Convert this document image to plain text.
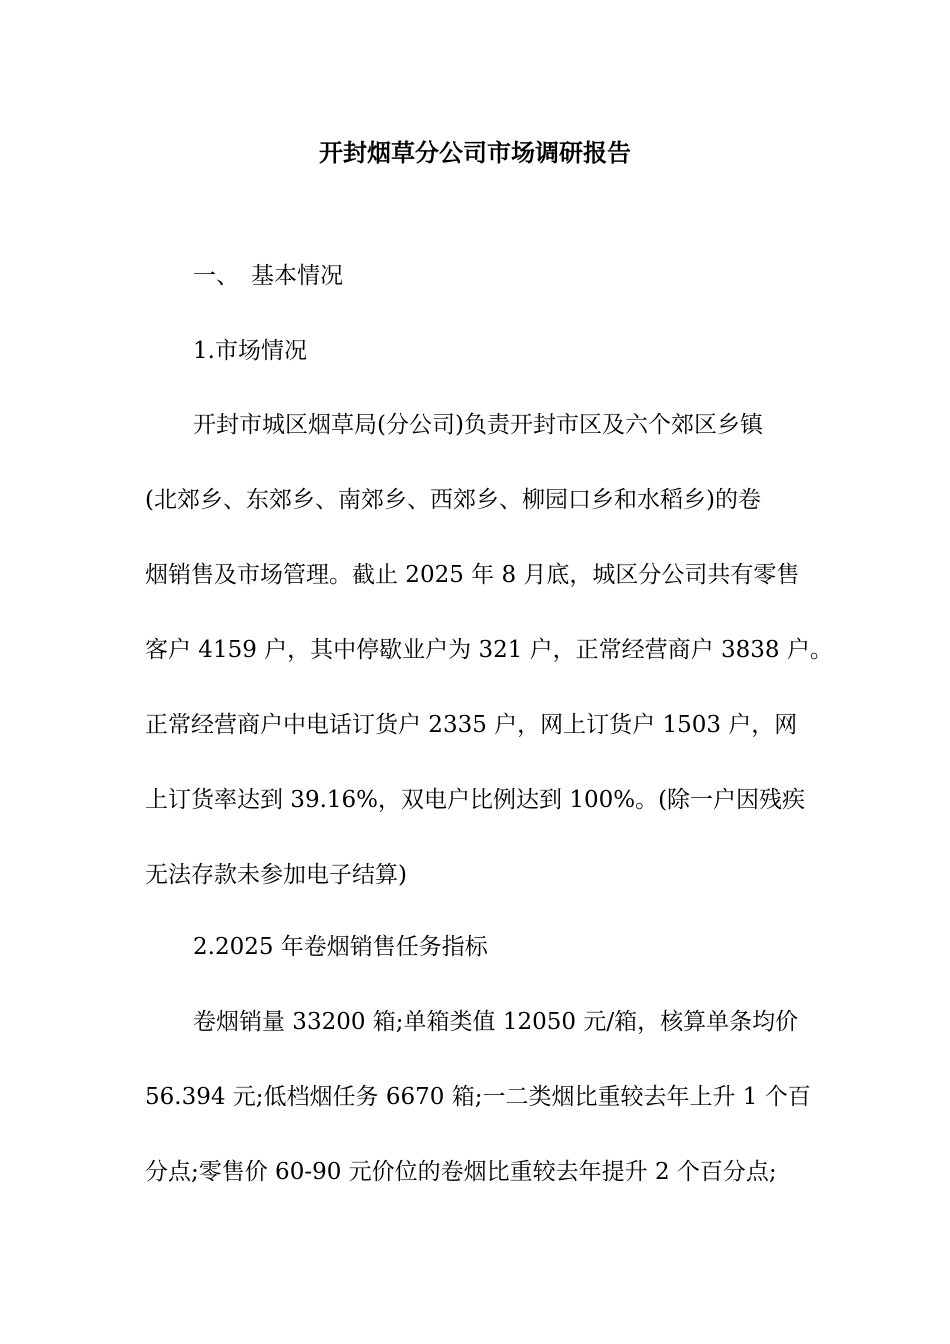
开封烟草分公司市场调研报告
一、 基本情况
1.市场情况
开封市城区烟草局(分公司)负责开封市区及六个郊区乡镇
(北郊乡、东郊乡、南郊乡、西郊乡、柳园口乡和水稻乡)的卷
烟销售及市场管理。截止 2025 年 8 月底，城区分公司共有零售
客户 4159 户，其中停歇业户为 321 户，正常经营商户 3838 户。
正常经营商户中电话订货户 2335 户，网上订货户 1503 户，网
上订货率达到 39.16%，双电户比例达到 100%。(除一户因残疾
无法存款未参加电子结算)
2.2025 年卷烟销售任务指标
卷烟销量 33200 箱;单箱类值 12050 元/箱，核算单条均价
56.394 元;低档烟任务 6670 箱;一二类烟比重较去年上升 1 个百
分点;零售价 60-90 元价位的卷烟比重较去年提升 2 个百分点;
